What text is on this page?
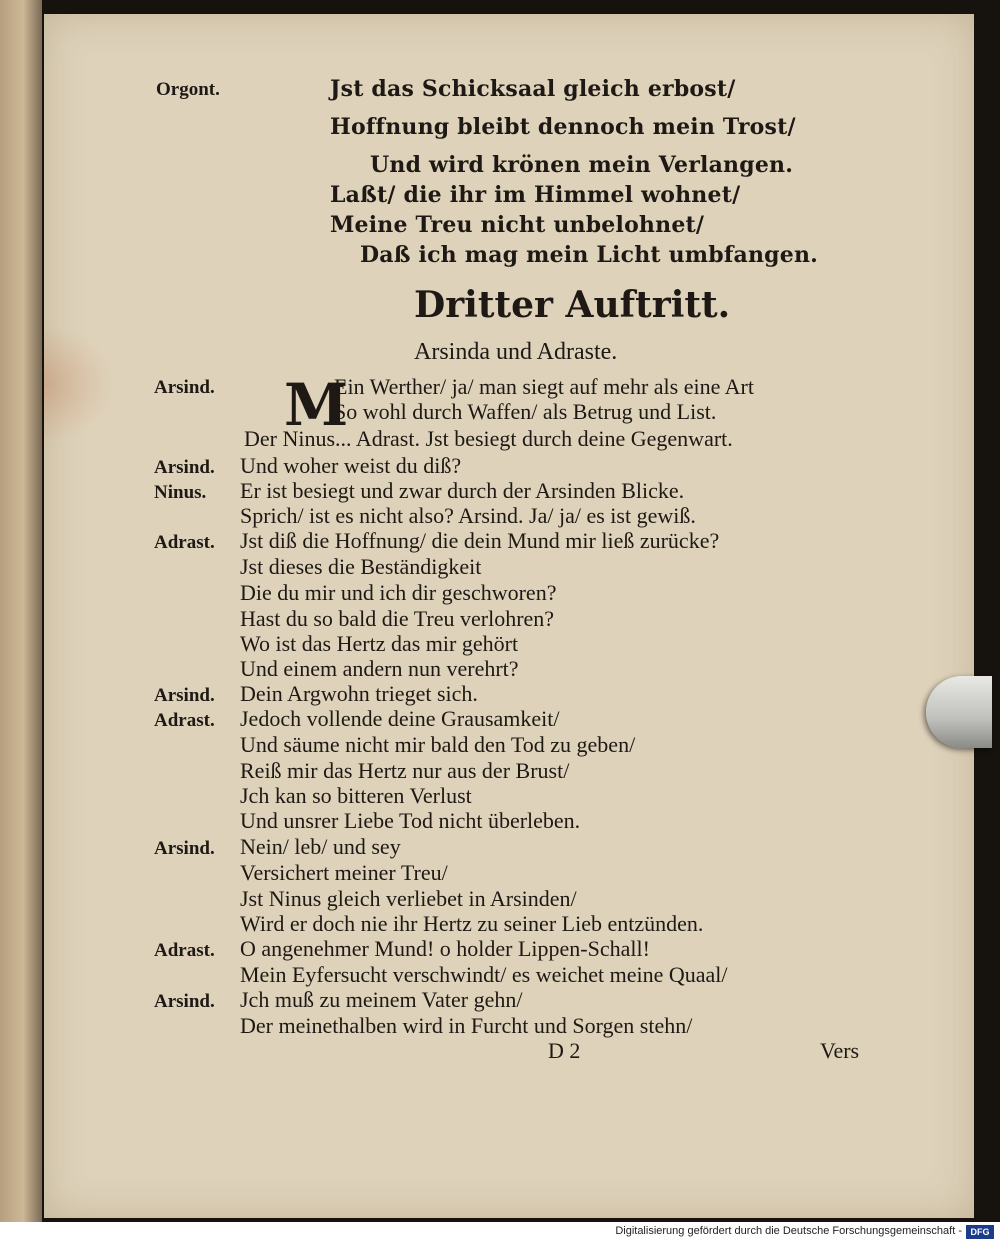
Orgont.	Jst das Schicksaal gleich erbost/
Hoffnung bleibt dennoch mein Trost/
Und wird krönen mein Verlangen.
Laßt/ die ihr im Himmel wohnet/
Meine Treu nicht unbelohnet/
Daß ich mag mein Licht umbfangen.
Dritter Auftritt.
Arsinda und Adraste.
M
Arsind.	Ein Werther/ ja/ man siegt auf mehr als eine Art
So wohl durch Waffen/ als Betrug und List.
Der Ninus... Adrast. Jst besiegt durch deine Gegenwart.
Arsind. Und woher weist du diß?
Ninus. Er ist besiegt und zwar durch der Arsinden Blicke.
Sprich/ ist es nicht also? Arsind. Ja/ ja/ es ist gewiß.
Adrast. Jst diß die Hoffnung/ die dein Mund mir ließ zurücke?
Jst dieses die Beständigkeit
Die du mir und ich dir geschworen?
Hast du so bald die Treu verlohren?
Wo ist das Hertz das mir gehört
Und einem andern nun verehrt?
Arsind. Dein Argwohn trieget sich.
Adrast. Jedoch vollende deine Grausamkeit/
Und säume nicht mir bald den Tod zu geben/
Reiß mir das Hertz nur aus der Brust/
Jch kan so bitteren Verlust
Und unsrer Liebe Tod nicht überleben.
Arsind. Nein/ leb/ und sey
Versichert meiner Treu/
Jst Ninus gleich verliebet in Arsinden/
Wird er doch nie ihr Hertz zu seiner Lieb entzünden.
Adrast. O angenehmer Mund! o holder Lippen-Schall!
Mein Eyfersucht verschwindt/ es weichet meine Quaal/
Arsind. Jch muß zu meinem Vater gehn/
Der meinethalben wird in Furcht und Sorgen stehn/
D 2	Vers
Digitalisierung gefördert durch die Deutsche Forschungsgemeinschaft - DFG
